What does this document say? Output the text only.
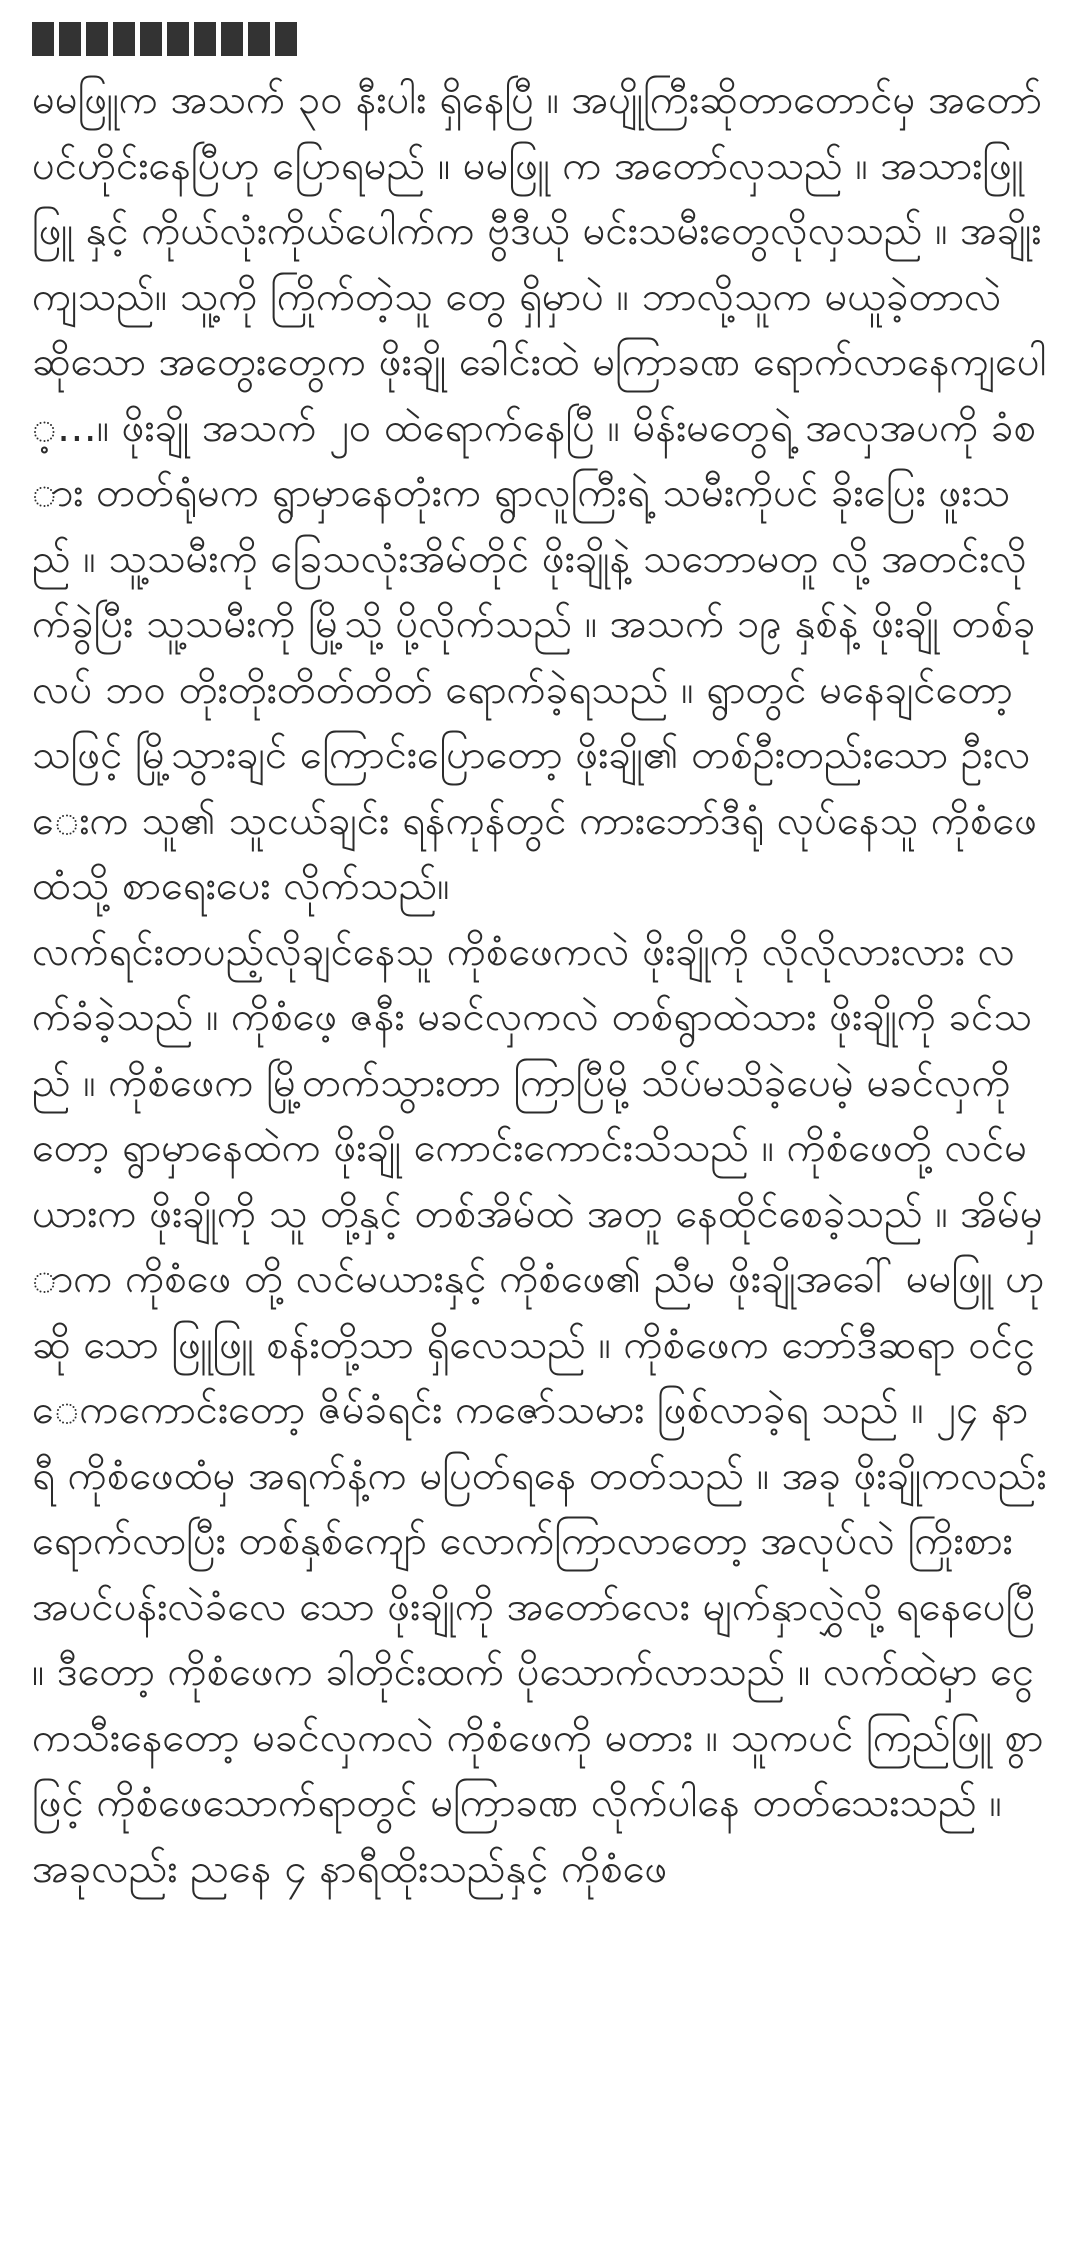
မမဖြူက အသက် ၃၀ နီးပါး ရှိနေပြီ ။ အပျိုကြီးဆိုတာတောင်မှ အတော်ပင်ဟိုင်းနေပြီဟု ပြောရမည် ။ မမဖြူ က အတော်လှသည် ။ အသားဖြူ ဖြူ နှင့် ကိုယ်လုံးကိုယ်ပေါက်က ဗွီဒီယို မင်းသမီးတွေလိုလှသည် ။ အချိုးကျသည်။ သူ့ကို ကြိုက်တဲ့သူ တွေ ရှိမှာပဲ ။ ဘာလို့သူက မယူခဲ့တာလဲ ဆိုသော အတွေးတွေက ဖိုးချို ခေါင်းထဲ မကြာခဏ ရောက်လာနေကျပေါ့…။ ဖိုးချို အသက် ၂၀ ထဲရောက်နေပြီ ။ မိန်းမတွေရဲ့ အလှအပကို ခံစား တတ်ရုံမက ရွာမှာနေတုံးက ရွာလူကြီးရဲ့ သမီးကိုပင် ခိုးပြေး ဖူးသည် ။ သူ့သမီးကို ခြေသလုံးအိမ်တိုင် ဖိုးချိုနဲ့ သဘောမတူ လို့ အတင်းလိုက်ခွဲပြီး သူ့သမီးကို မြို့သို့ ပို့လိုက်သည် ။ အသက် ၁၉ နှစ်နဲ့ ဖိုးချို တစ်ခုလပ် ဘဝ တိုးတိုးတိတ်တိတ် ရောက်ခဲ့ရသည် ။ ရွာတွင် မနေချင်တော့သဖြင့် မြို့သွားချင် ကြောင်းပြောတော့ ဖိုးချို၏ တစ်ဦးတည်းသော ဦးလေးက သူ၏ သူငယ်ချင်း ရန်ကုန်တွင် ကားဘော်ဒီရုံ လုပ်နေသူ ကိုစံဖေ ထံသို့ စာရေးပေး လိုက်သည်။

လက်ရင်းတပည့်လိုချင်နေသူ ကိုစံဖေကလဲ ဖိုးချိုကို လိုလိုလားလား လက်ခံခဲ့သည် ။ ကိုစံဖေ့ ဇနီး မခင်လှကလဲ တစ်ရွာထဲသား ဖိုးချိုကို ခင်သည် ။ ကိုစံဖေက မြို့တက်သွားတာ ကြာပြီမို့ သိပ်မသိခဲ့ပေမဲ့ မခင်လှကိုတော့ ရွာမှာနေထဲက ဖိုးချို ကောင်းကောင်းသိသည် ။ ကိုစံဖေတို့ လင်မယားက ဖိုးချိုကို သူ တို့နှင့် တစ်အိမ်ထဲ အတူ နေထိုင်စေခဲ့သည် ။ အိမ်မှာက ကိုစံဖေ တို့ လင်မယားနှင့် ကိုစံဖေ၏ ညီမ ဖိုးချိုအခေါ် မမဖြူ ဟုဆို သော ဖြူဖြူ စန်းတို့သာ ရှိလေသည် ။ ကိုစံဖေက ဘော်ဒီဆရာ ဝင်ငွေကကောင်းတော့ ဇိမ်ခံရင်း ကဇော်သမား ဖြစ်လာခဲ့ရ သည် ။ ၂၄ နာရီ ကိုစံဖေထံမှ အရက်နံ့က မပြတ်ရနေ တတ်သည် ။ အခု ဖိုးချိုကလည်း ရောက်လာပြီး တစ်နှစ်ကျော် လောက်ကြာလာတော့ အလုပ်လဲ ကြိုးစား အပင်ပန်းလဲခံလေ သော ဖိုးချိုကို အတော်လေး မျက်နှာလွှဲလို့ ရနေပေပြီ ။ ဒီတော့ ကိုစံဖေက ခါတိုင်းထက် ပိုသောက်လာသည် ။ လက်ထဲမှာ ငွေ ကသီးနေတော့ မခင်လှကလဲ ကိုစံဖေကို မတား ။ သူကပင် ကြည်ဖြူ စွာဖြင့် ကိုစံဖေသောက်ရာတွင် မကြာခဏ လိုက်ပါနေ တတ်သေးသည် ။ အခုလည်း ညနေ ၄ နာရီထိုးသည်နှင့် ကိုစံဖေ
